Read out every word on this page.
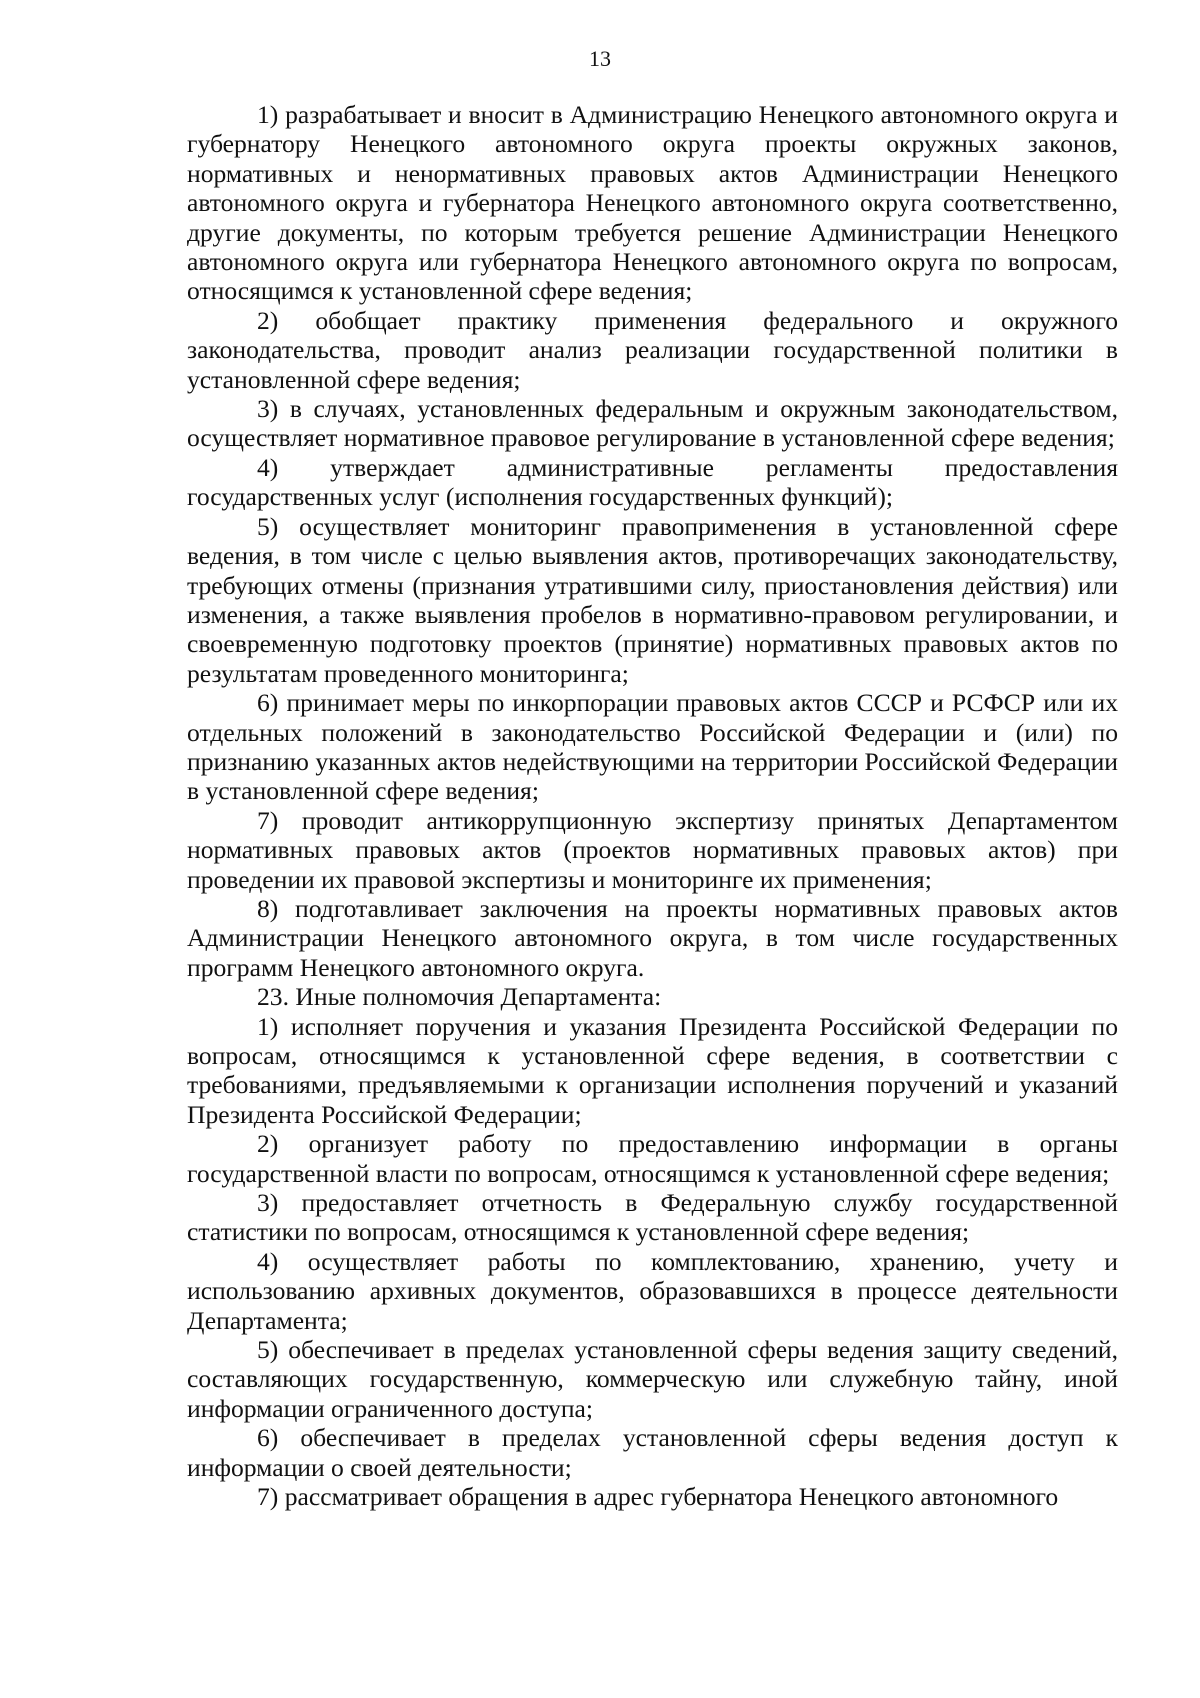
13

1) разрабатывает и вносит в Администрацию Ненецкого автономного округа и губернатору Ненецкого автономного округа проекты окружных законов, нормативных и ненормативных правовых актов Администрации Ненецкого автономного округа и губернатора Ненецкого автономного округа соответственно, другие документы, по которым требуется решение Администрации Ненецкого автономного округа или губернатора Ненецкого автономного округа по вопросам, относящимся к установленной сфере ведения;

2) обобщает практику применения федерального и окружного законодательства, проводит анализ реализации государственной политики в установленной сфере ведения;

3) в случаях, установленных федеральным и окружным законодательством, осуществляет нормативное правовое регулирование в установленной сфере ведения;

4) утверждает административные регламенты предоставления государственных услуг (исполнения государственных функций);

5) осуществляет мониторинг правоприменения в установленной сфере ведения, в том числе с целью выявления актов, противоречащих законодательству, требующих отмены (признания утратившими силу, приостановления действия) или изменения, а также выявления пробелов в нормативно-правовом регулировании, и своевременную подготовку проектов (принятие) нормативных правовых актов по результатам проведенного мониторинга;

6) принимает меры по инкорпорации правовых актов СССР и РСФСР или их отдельных положений в законодательство Российской Федерации и (или) по признанию указанных актов недействующими на территории Российской Федерации в установленной сфере ведения;

7) проводит антикоррупционную экспертизу принятых Департаментом нормативных правовых актов (проектов нормативных правовых актов) при проведении их правовой экспертизы и мониторинге их применения;

8) подготавливает заключения на проекты нормативных правовых актов Администрации Ненецкого автономного округа, в том числе государственных программ Ненецкого автономного округа.

23. Иные полномочия Департамента:

1) исполняет поручения и указания Президента Российской Федерации по вопросам, относящимся к установленной сфере ведения, в соответствии с требованиями, предъявляемыми к организации исполнения поручений и указаний Президента Российской Федерации;

2) организует работу по предоставлению информации в органы государственной власти по вопросам, относящимся к установленной сфере ведения;

3) предоставляет отчетность в Федеральную службу государственной статистики по вопросам, относящимся к установленной сфере ведения;

4) осуществляет работы по комплектованию, хранению, учету и использованию архивных документов, образовавшихся в процессе деятельности Департамента;

5) обеспечивает в пределах установленной сферы ведения защиту сведений, составляющих государственную, коммерческую или служебную тайну, иной информации ограниченного доступа;

6) обеспечивает в пределах установленной сферы ведения доступ к информации о своей деятельности;

7) рассматривает обращения в адрес губернатора Ненецкого автономного
